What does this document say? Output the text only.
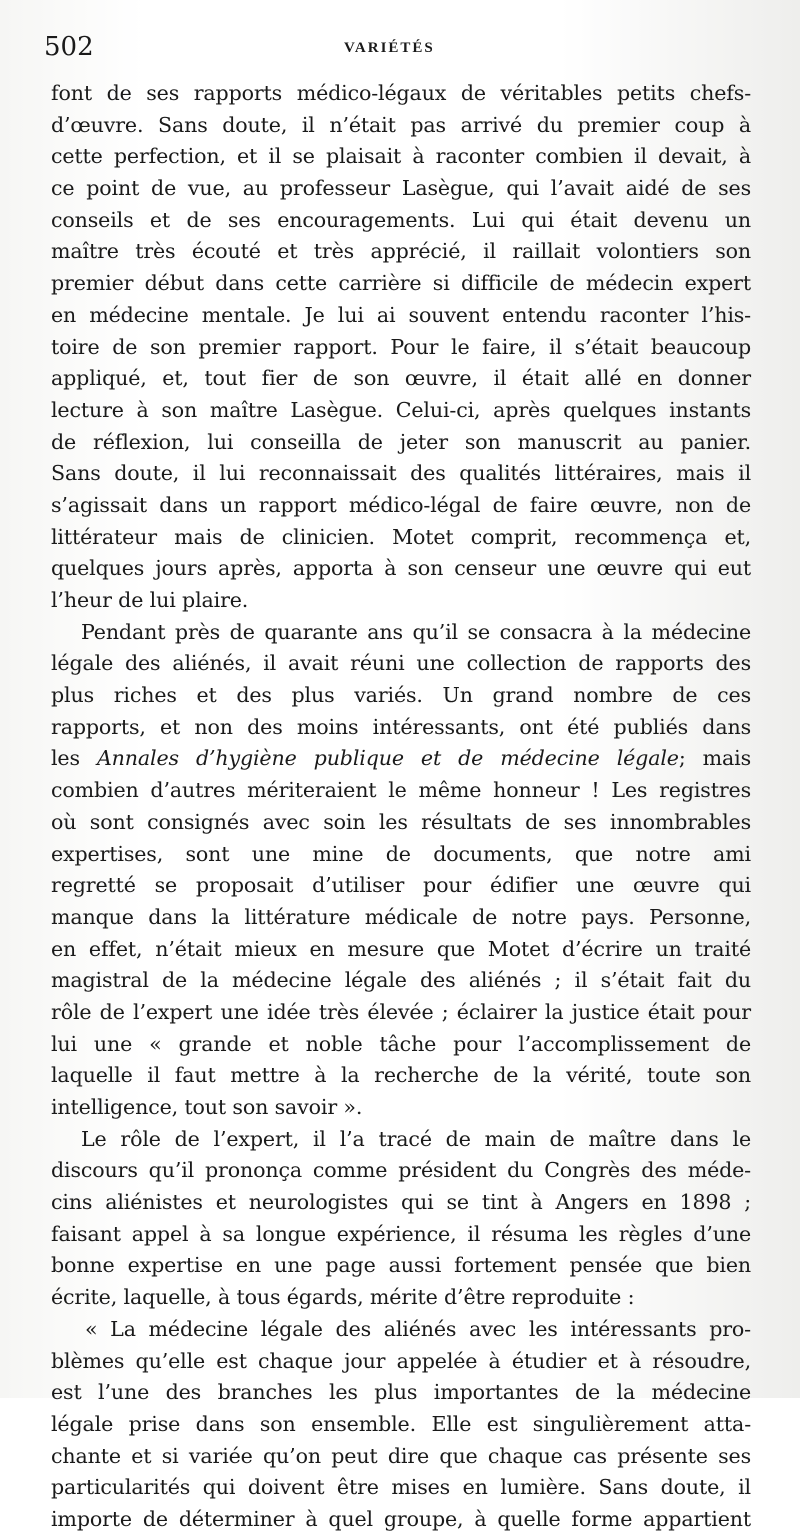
502	VARIÉTÉS
font de ses rapports médico-légaux de véritables petits chefs-
d’œuvre. Sans doute, il n’était pas arrivé du premier coup à
cette perfection, et il se plaisait à raconter combien il devait, à
ce point de vue, au professeur Lasègue, qui l’avait aidé de ses
conseils et de ses encouragements. Lui qui était devenu un
maître très écouté et très apprécié, il raillait volontiers son
premier début dans cette carrière si difficile de médecin expert
en médecine mentale. Je lui ai souvent entendu raconter l’his-
toire de son premier rapport. Pour le faire, il s’était beaucoup
appliqué, et, tout fier de son œuvre, il était allé en donner
lecture à son maître Lasègue. Celui-ci, après quelques instants
de réflexion, lui conseilla de jeter son manuscrit au panier.
Sans doute, il lui reconnaissait des qualités littéraires, mais il
s’agissait dans un rapport médico-légal de faire œuvre, non de
littérateur mais de clinicien. Motet comprit, recommença et,
quelques jours après, apporta à son censeur une œuvre qui eut
l’heur de lui plaire.
Pendant près de quarante ans qu’il se consacra à la médecine
légale des aliénés, il avait réuni une collection de rapports des
plus riches et des plus variés. Un grand nombre de ces
rapports, et non des moins intéressants, ont été publiés dans
les Annales d’hygiène publique et de médecine légale; mais
combien d’autres mériteraient le même honneur ! Les registres
où sont consignés avec soin les résultats de ses innombrables
expertises, sont une mine de documents, que notre ami
regretté se proposait d’utiliser pour édifier une œuvre qui
manque dans la littérature médicale de notre pays. Personne,
en effet, n’était mieux en mesure que Motet d’écrire un traité
magistral de la médecine légale des aliénés ; il s’était fait du
rôle de l’expert une idée très élevée ; éclairer la justice était pour
lui une « grande et noble tâche pour l’accomplissement de
laquelle il faut mettre à la recherche de la vérité, toute son
intelligence, tout son savoir ».
Le rôle de l’expert, il l’a tracé de main de maître dans le
discours qu’il prononça comme président du Congrès des méde-
cins aliénistes et neurologistes qui se tint à Angers en 1898 ;
faisant appel à sa longue expérience, il résuma les règles d’une
bonne expertise en une page aussi fortement pensée que bien
écrite, laquelle, à tous égards, mérite d’être reproduite :
« La médecine légale des aliénés avec les intéressants pro-
blèmes qu’elle est chaque jour appelée à étudier et à résoudre,
est l’une des branches les plus importantes de la médecine
légale prise dans son ensemble. Elle est singulièrement atta-
chante et si variée qu’on peut dire que chaque cas présente ses
particularités qui doivent être mises en lumière. Sans doute, il
importe de déterminer à quel groupe, à quelle forme appartient
